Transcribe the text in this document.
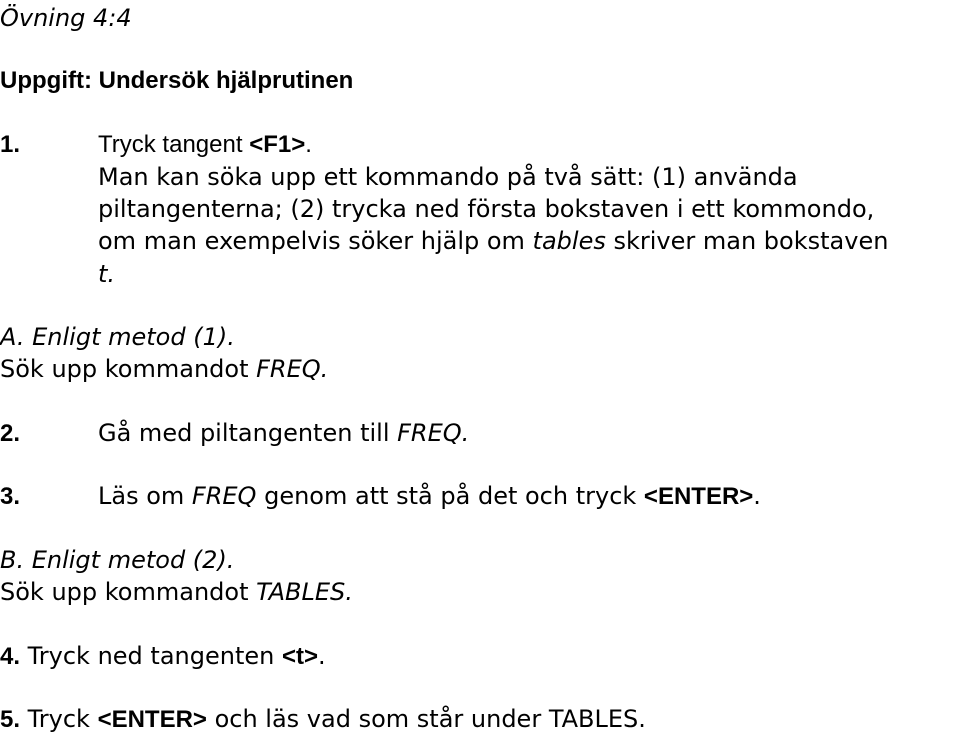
Övning 4:4
Uppgift: Undersök hjälprutinen
1.	Tryck tangent <F1>.
Man kan söka upp ett kommando på två sätt: (1) använda
piltangenterna; (2) trycka ned första bokstaven i ett kommondo,
om man exempelvis söker hjälp om tables skriver man bokstaven
t.
A. Enligt metod (1).
Sök upp kommandot FREQ.
2.	Gå med piltangenten till FREQ.
3.	Läs om FREQ genom att stå på det och tryck <ENTER>.
B. Enligt metod (2).
Sök upp kommandot TABLES.
4. Tryck ned tangenten <t>.
5. Tryck <ENTER> och läs vad som står under TABLES.
